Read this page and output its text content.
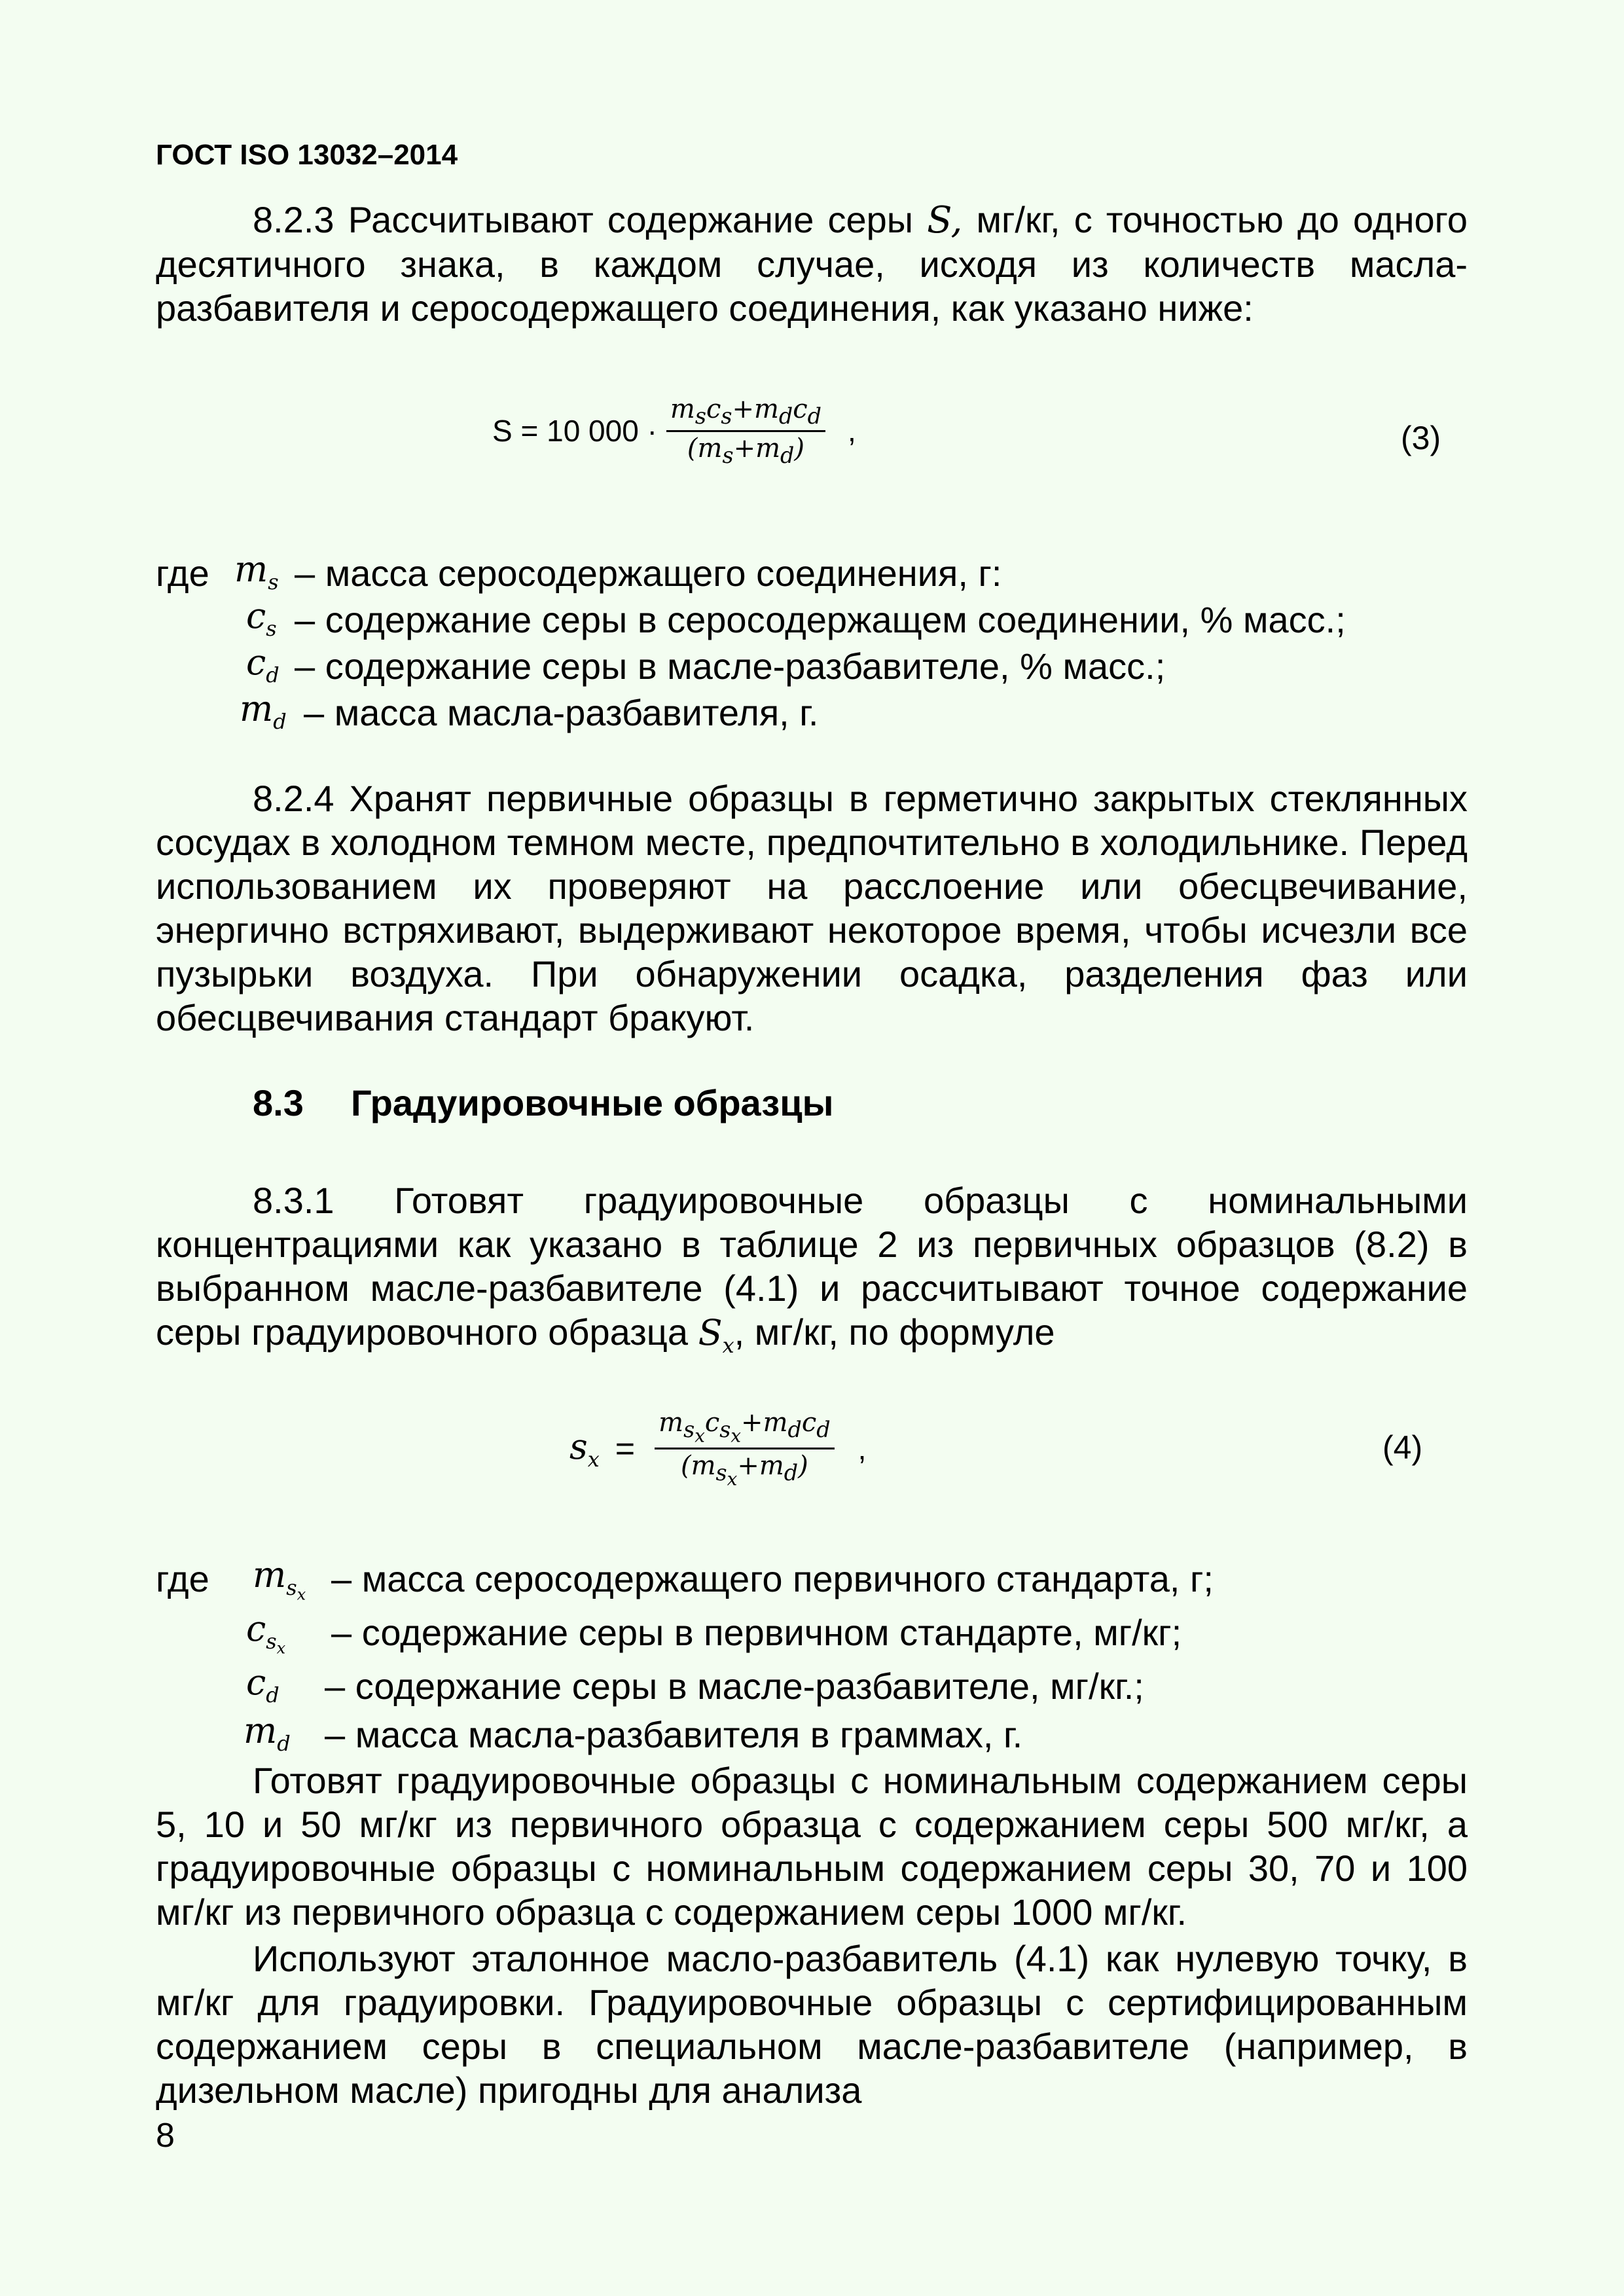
ГОСТ ISO 13032–2014
8.2.3 Рассчитывают содержание серы S, мг/кг, с точностью до одного десятичного знака, в каждом случае, исходя из количеств масла-разбавителя и серосодержащего соединения, как указано ниже:
S = 10 $000 \cdot \frac{m_sc_s+m_dc_d}{(m_s+m_d)}$ ,	(3)
где $m_s$ – масса серосодержащего соединения, г:
$c_s$ – содержание серы в серосодержащем соединении, % масс.;
$c_d$ – содержание серы в масле-разбавителе, % масс.;
$m_d$ – масса масла-разбавителя, г.
8.2.4 Хранят первичные образцы в герметично закрытых стеклянных сосудах в холодном темном месте, предпочтительно в холодильнике. Перед использованием их проверяют на расслоение или обесцвечивание, энергично встряхивают, выдерживают некоторое время, чтобы исчезли все пузырьки воздуха. При обнаружении осадка, разделения фаз или обесцвечивания стандарт бракуют.
8.3 Градуировочные образцы
8.3.1 Готовят градуировочные образцы с номинальными концентрациями как указано в таблице 2 из первичных образцов (8.2) в выбранном масле-разбавителе (4.1) и рассчитывают точное содержание серы градуировочного образца $S_x$, мг/кг, по формуле
$s_x = \frac{m_{s_x}c_{s_x}+m_dc_d}{(m_{s_x}+m_d)}$ ,	(4)
где $m_{s_x}$ – масса серосодержащего первичного стандарта, г;
$c_{s_x}$ – содержание серы в первичном стандарте, мг/кг;
$c_d$ – содержание серы в масле-разбавителе, мг/кг.;
$m_d$ – масса масла-разбавителя в граммах, г.
Готовят градуировочные образцы с номинальным содержанием серы 5, 10 и 50 мг/кг из первичного образца с содержанием серы 500 мг/кг, а градуировочные образцы с номинальным содержанием серы 30, 70 и 100 мг/кг из первичного образца с содержанием серы 1000 мг/кг.
Используют эталонное масло-разбавитель (4.1) как нулевую точку, в мг/кг для градуировки. Градуировочные образцы с сертифицированным содержанием серы в специальном масле-разбавителе (например, в дизельном масле) пригодны для анализа
8
